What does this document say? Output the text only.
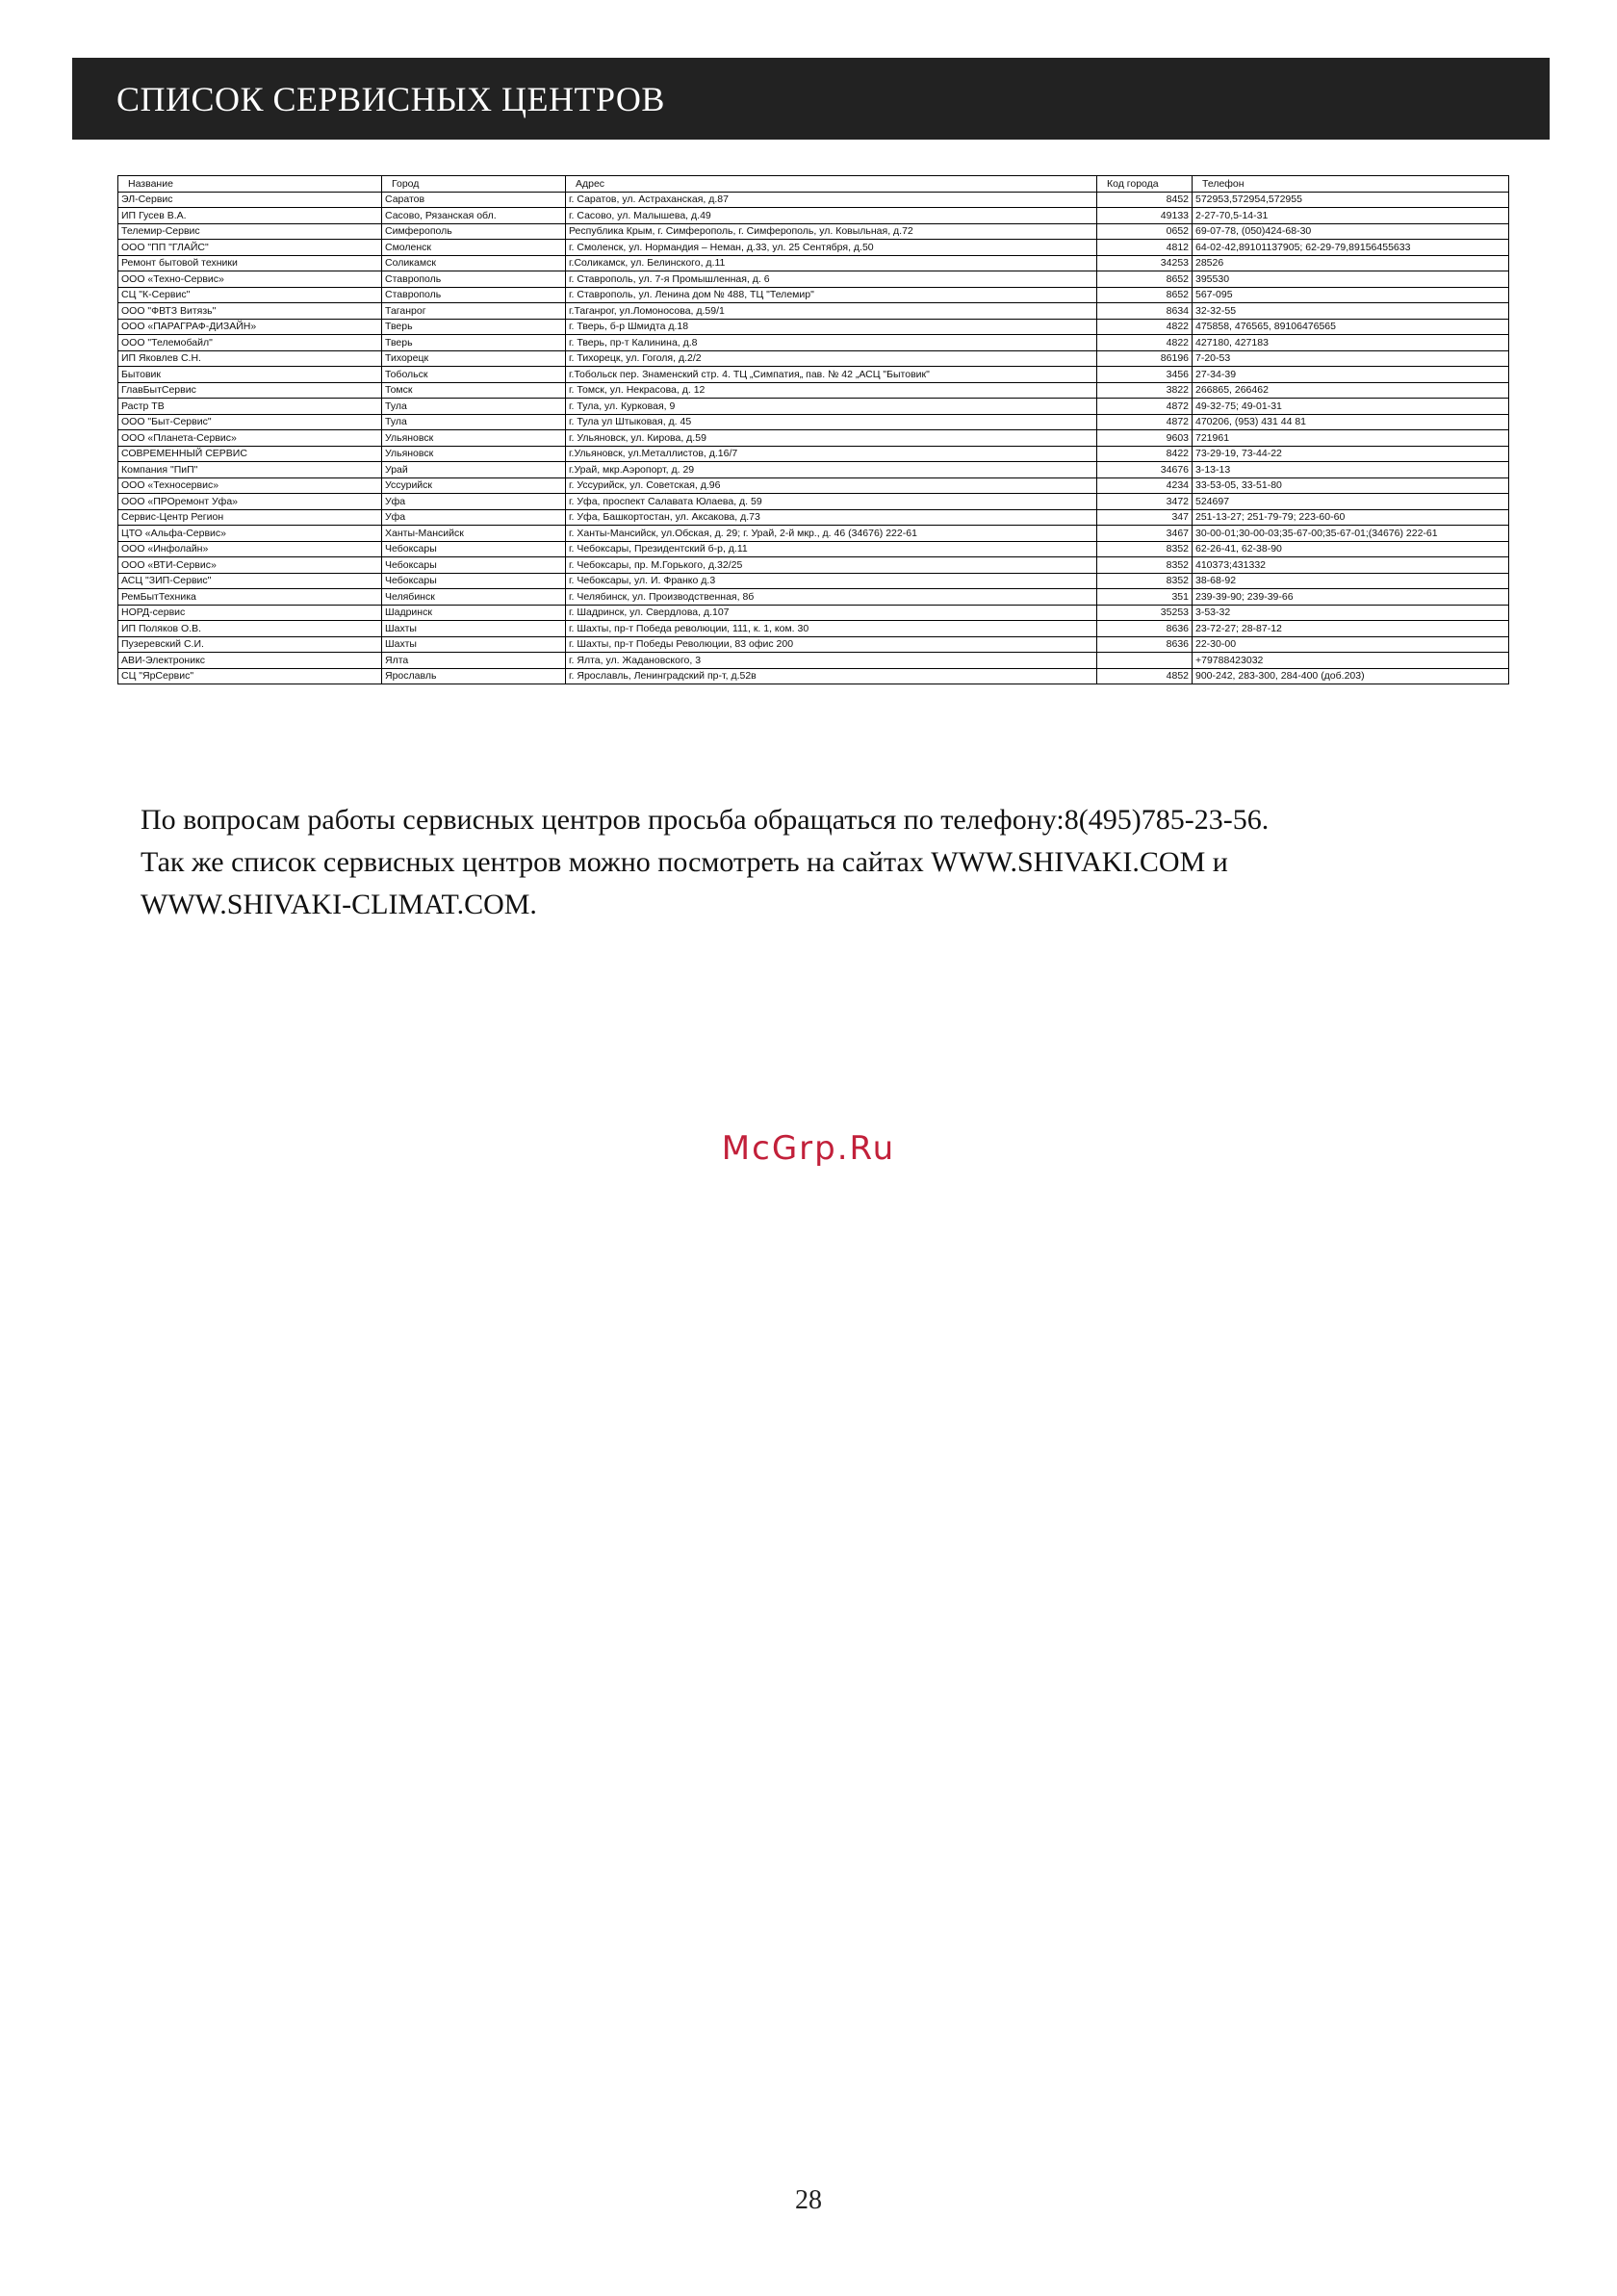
СПИСОК СЕРВИСНЫХ ЦЕНТРОВ
Название	Город	Адрес	Код города	Телефон
ЭЛ-Сервис	Саратов	г. Саратов, ул. Астраханская, д.87	8452	572953,572954,572955
ИП Гусев В.А.	Сасово, Рязанская обл.	г. Сасово, ул. Малышева, д.49	49133	2-27-70,5-14-31
Телемир-Сервис	Симферополь	Республика Крым, г. Симферополь, г. Симферополь, ул. Ковыльная, д.72	0652	69-07-78, (050)424-68-30
ООО "ПП "ГЛАЙС"	Смоленск	г. Смоленск, ул. Нормандия – Неман, д.33, ул. 25 Сентября, д.50	4812	64-02-42,89101137905; 62-29-79,89156455633
Ремонт бытовой техники	Соликамск	г.Соликамск, ул. Белинского, д.11	34253	28526
ООО «Техно-Сервис»	Ставрополь	г. Ставрополь, ул. 7-я Промышленная, д. 6	8652	395530
СЦ "К-Сервис"	Ставрополь	г. Ставрополь, ул. Ленина дом № 488, ТЦ "Телемир"	8652	567-095
ООО "ФВТЗ Витязь"	Таганрог	г.Таганрог, ул.Ломоносова, д.59/1	8634	32-32-55
ООО «ПАРАГРАФ-ДИЗАЙН»	Тверь	г. Тверь, б-р Шмидта д.18	4822	475858, 476565, 89106476565
ООО "Телемобайл"	Тверь	г. Тверь, пр-т Калинина, д.8	4822	427180, 427183
ИП Яковлев С.Н.	Тихорецк	г. Тихорецк, ул. Гоголя, д.2/2	86196	7-20-53
Бытовик	Тобольск	г.Тобольск пер. Знаменский стр. 4. ТЦ „Симпатия„ пав. № 42 „АСЦ "Бытовик"	3456	27-34-39
ГлавБытСервис	Томск	г. Томск, ул. Некрасова, д. 12	3822	266865, 266462
Растр ТВ	Тула	г. Тула, ул. Курковая, 9	4872	49-32-75; 49-01-31
ООО "Быт-Сервис"	Тула	г. Тула ул Штыковая, д. 45	4872	470206, (953) 431 44 81
ООО «Планета-Сервис»	Ульяновск	г. Ульяновск, ул. Кирова, д.59	9603	721961
СОВРЕМЕННЫЙ СЕРВИС	Ульяновск	г.Ульяновск, ул.Металлистов, д.16/7	8422	73-29-19, 73-44-22
Компания "ПиП"	Урай	г.Урай, мкр.Аэропорт, д. 29	34676	3-13-13
ООО «Техносервис»	Уссурийск	г. Уссурийск, ул. Советская, д.96	4234	33-53-05, 33-51-80
ООО «ПРОремонт Уфа»	Уфа	г. Уфа, проспект Салавата Юлаева, д. 59	3472	524697
Сервис-Центр Регион	Уфа	г. Уфа, Башкортостан, ул. Аксакова, д.73	347	251-13-27; 251-79-79; 223-60-60
ЦТО «Альфа-Сервис»	Ханты-Мансийск	г. Ханты-Мансийск, ул.Обская, д. 29; г. Урай, 2-й мкр., д. 46 (34676) 222-61	3467	30-00-01;30-00-03;35-67-00;35-67-01;(34676) 222-61
ООО «Инфолайн»	Чебоксары	г. Чебоксары, Президентский б-р, д.11	8352	62-26-41, 62-38-90
ООО «ВТИ-Сервис»	Чебоксары	г. Чебоксары, пр. М.Горького, д.32/25	8352	410373;431332
АСЦ "ЗИП-Сервис"	Чебоксары	г. Чебоксары, ул. И. Франко д.3	8352	38-68-92
РемБытТехника	Челябинск	г. Челябинск, ул. Производственная, 8б	351	239-39-90; 239-39-66
НОРД-сервис	Шадринск	г. Шадринск, ул. Свердлова, д.107	35253	3-53-32
ИП Поляков О.В.	Шахты	г. Шахты, пр-т Победа революции, 111, к. 1, ком. 30	8636	23-72-27; 28-87-12
Пузеревский С.И.	Шахты	г. Шахты, пр-т Победы Революции, 83 офис 200	8636	22-30-00
АВИ-Электроникс	Ялта	г. Ялта, ул. Жадановского, 3		+79788423032
СЦ "ЯрСервис"	Ярославль	г. Ярославль, Ленинградский пр-т, д.52в	4852	900-242, 283-300, 284-400 (доб.203)

По вопросам работы сервисных центров просьба обращаться по телефону:8(495)785-23-56.

Так же список сервисных центров можно посмотреть на сайтах WWW.SHIVAKI.COM и

WWW.SHIVAKI-CLIMAT.COM.

McGrp.Ru
28
